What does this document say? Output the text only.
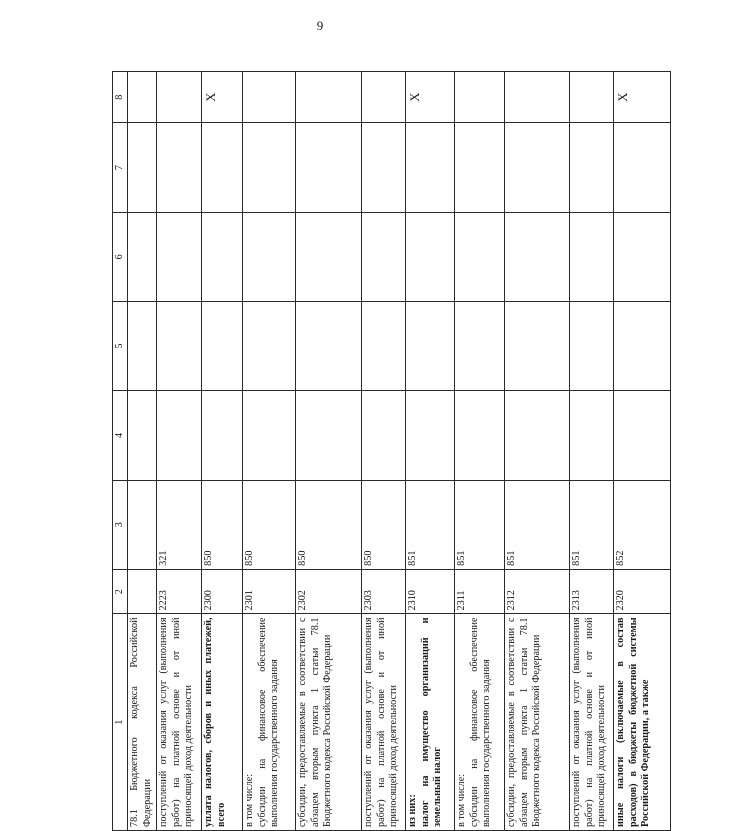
9
1	2	3	4	5	6	7	8
78.1 Бюджетного кодекса Российской Федерации							
поступлений от оказания услуг (выполнения работ) на платной основе и от иной приносящей доход деятельности	2223	321					
уплата налогов, сборов и иных платежей, всего	2300	850					X
в том числе: субсидии на финансовое обеспечение выполнения государственного задания	2301	850					
субсидии, предоставляемые в соответствии с абзацем вторым пункта 1 статьи 78.1 Бюджетного кодекса Российской Федерации	2302	850					
поступлений от оказания услуг (выполнения работ) на платной основе и от иной приносящей доход деятельности	2303	850					
из них: налог на имущество организаций и земельный налог	2310	851					X
в том числе: субсидии на финансовое обеспечение выполнения государственного задания	2311	851					
субсидии, предоставляемые в соответствии с абзацем вторым пункта 1 статьи 78.1 Бюджетного кодекса Российской Федерации	2312	851					
поступлений от оказания услуг (выполнения работ) на платной основе и от иной приносящей доход деятельности	2313	851					
иные налоги (включаемые в состав расходов) в бюджеты бюджетной системы Российской Федерации, а также	2320	852					X
